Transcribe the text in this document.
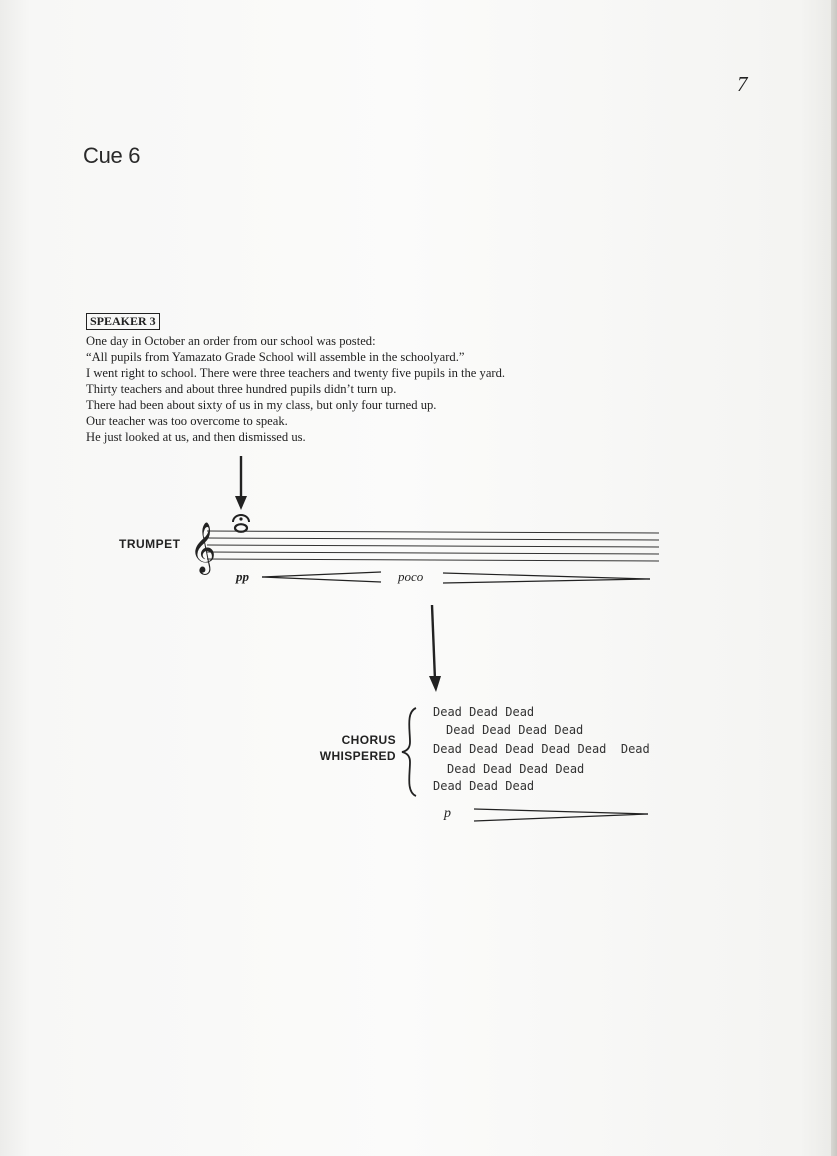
7
Cue 6
SPEAKER 3
One day in October an order from our school was posted:
“All pupils from Yamazato Grade School will assemble in the schoolyard.”
I went right to school. There were three teachers and twenty five pupils in the yard.
Thirty teachers and about three hundred pupils didn’t turn up.
There had been about sixty of us in my class, but only four turned up.
Our teacher was too overcome to speak.
He just looked at us, and then dismissed us.
𝄞
TRUMPET
pp	poco
CHORUS
WHISPERED
Dead Dead Dead
Dead Dead Dead Dead
Dead Dead Dead Dead Dead  Dead
Dead Dead Dead Dead
Dead Dead Dead
p
